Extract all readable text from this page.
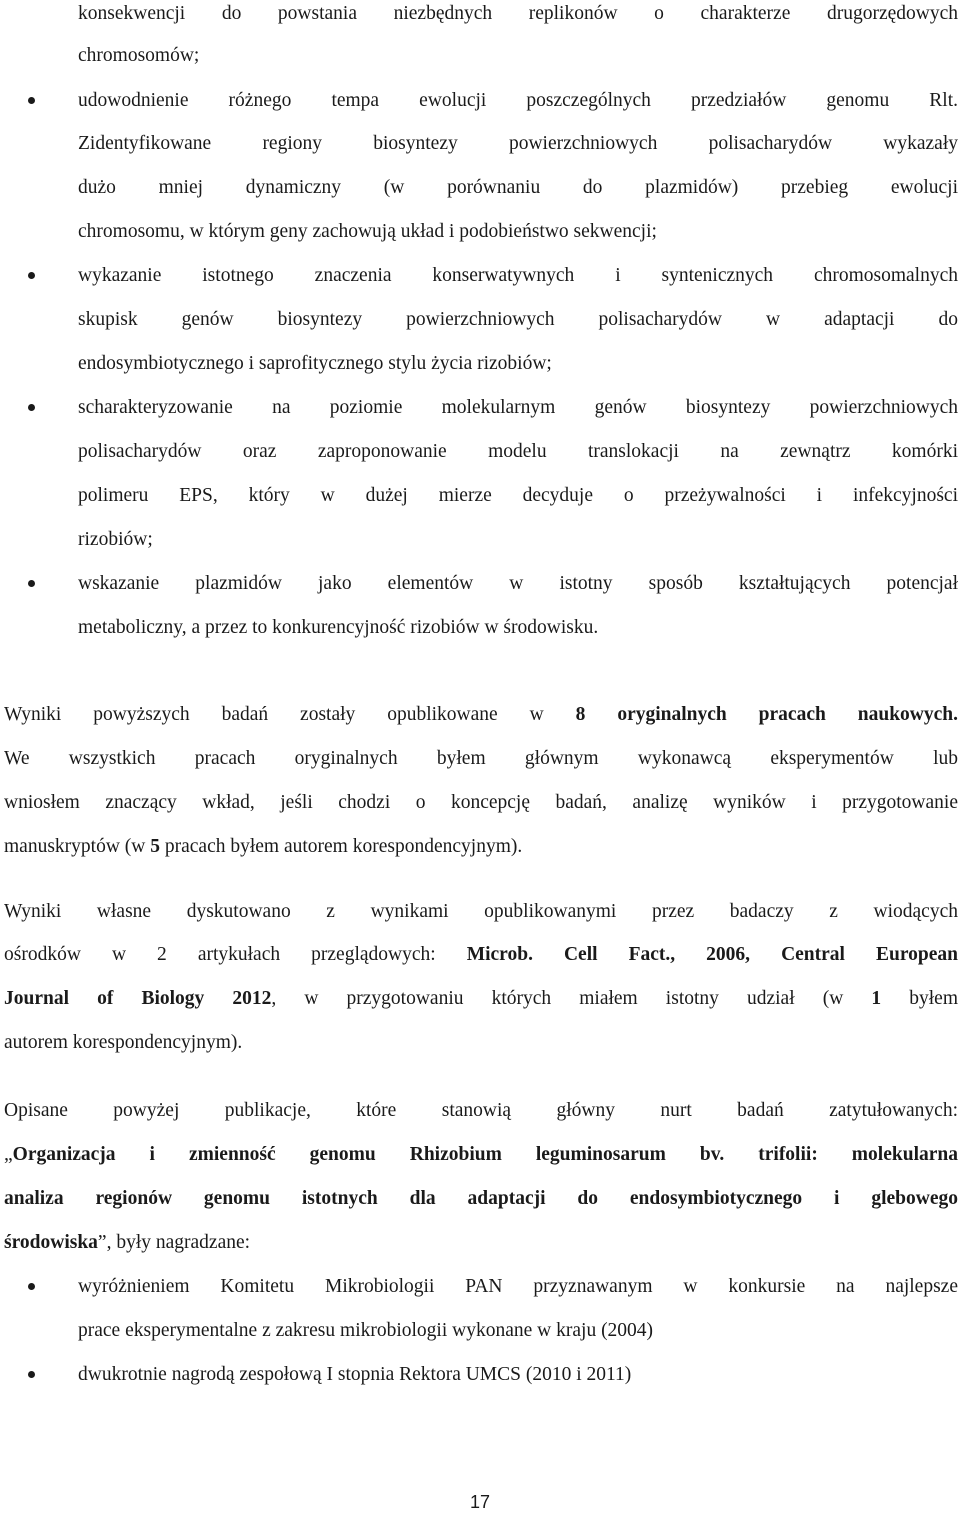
konsekwencji do powstania niezbędnych replikonów o charakterze drugorzędowych
chromosomów;
udowodnienie różnego tempa ewolucji poszczególnych przedziałów genomu Rlt.
Zidentyfikowane regiony biosyntezy powierzchniowych polisacharydów wykazały
dużo mniej dynamiczny (w porównaniu do plazmidów) przebieg ewolucji
chromosomu, w którym geny zachowują układ i podobieństwo sekwencji;
wykazanie istotnego znaczenia konserwatywnych i syntenicznych chromosomalnych
skupisk genów biosyntezy powierzchniowych polisacharydów w adaptacji do
endosymbiotycznego i saprofitycznego stylu życia rizobiów;
scharakteryzowanie na poziomie molekularnym genów biosyntezy powierzchniowych
polisacharydów oraz zaproponowanie modelu translokacji na zewnątrz komórki
polimeru EPS, który w dużej mierze decyduje o przeżywalności i infekcyjności
rizobiów;
wskazanie plazmidów jako elementów w istotny sposób kształtujących potencjał
metaboliczny, a przez to konkurencyjność rizobiów w środowisku.
Wyniki powyższych badań zostały opublikowane w 8 oryginalnych pracach naukowych.
We wszystkich pracach oryginalnych byłem głównym wykonawcą eksperymentów lub
wniosłem znaczący wkład, jeśli chodzi o koncepcję badań, analizę wyników i przygotowanie
manuskryptów (w 5 pracach byłem autorem korespondencyjnym).
Wyniki własne dyskutowano z wynikami opublikowanymi przez badaczy z wiodących
ośrodków w 2 artykułach przeglądowych: Microb. Cell Fact., 2006, Central European
Journal of Biology 2012, w przygotowaniu których miałem istotny udział (w 1 byłem
autorem korespondencyjnym).
Opisane powyżej publikacje, które stanowią główny nurt badań zatytułowanych:
„Organizacja i zmienność genomu Rhizobium leguminosarum bv. trifolii: molekularna
analiza regionów genomu istotnych dla adaptacji do endosymbiotycznego i glebowego
środowiska”, były nagradzane:
wyróżnieniem Komitetu Mikrobiologii PAN przyznawanym w konkursie na najlepsze
prace eksperymentalne z zakresu mikrobiologii wykonane w kraju (2004)
dwukrotnie nagrodą zespołową I stopnia Rektora UMCS (2010 i 2011)
17
